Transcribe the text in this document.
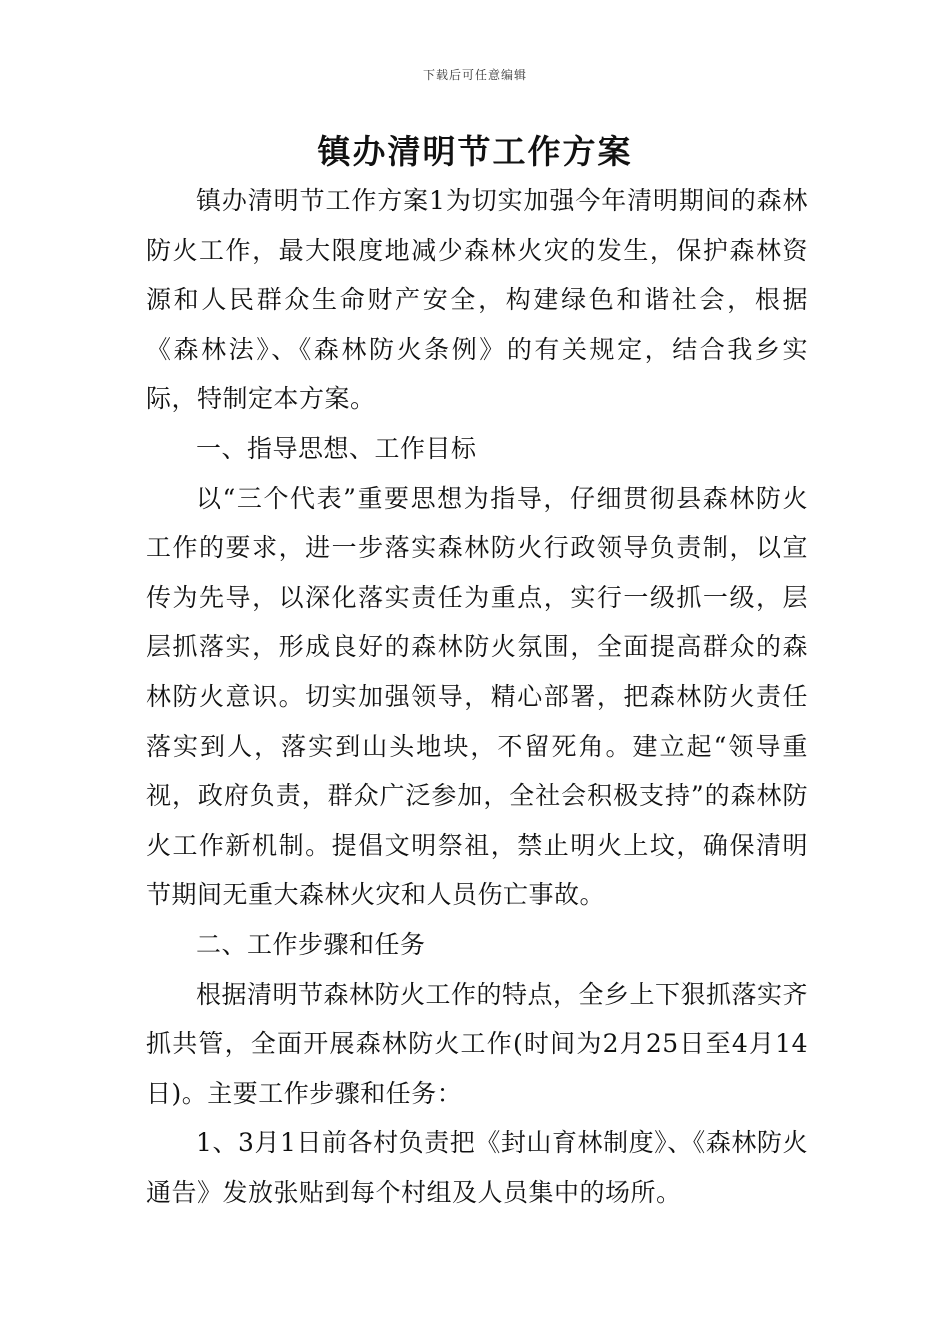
下载后可任意编辑
镇办清明节工作方案

镇办清明节工作方案1为切实加强今年清明期间的森林防火工作，最大限度地减少森林火灾的发生，保护森林资源和人民群众生命财产安全，构建绿色和谐社会，根据《森林法》、《森林防火条例》的有关规定，结合我乡实际，特制定本方案。

一、指导思想、工作目标

以“三个代表”重要思想为指导，仔细贯彻县森林防火工作的要求，进一步落实森林防火行政领导负责制，以宣传为先导，以深化落实责任为重点，实行一级抓一级，层层抓落实，形成良好的森林防火氛围，全面提高群众的森林防火意识。切实加强领导，精心部署，把森林防火责任落实到人，落实到山头地块，不留死角。建立起“领导重视，政府负责，群众广泛参加，全社会积极支持”的森林防火工作新机制。提倡文明祭祖，禁止明火上坟，确保清明节期间无重大森林火灾和人员伤亡事故。

二、工作步骤和任务

根据清明节森林防火工作的特点，全乡上下狠抓落实齐抓共管，全面开展森林防火工作(时间为2月25日至4月14日)。主要工作步骤和任务：

1、3月1日前各村负责把《封山育林制度》、《森林防火通告》发放张贴到每个村组及人员集中的场所。
